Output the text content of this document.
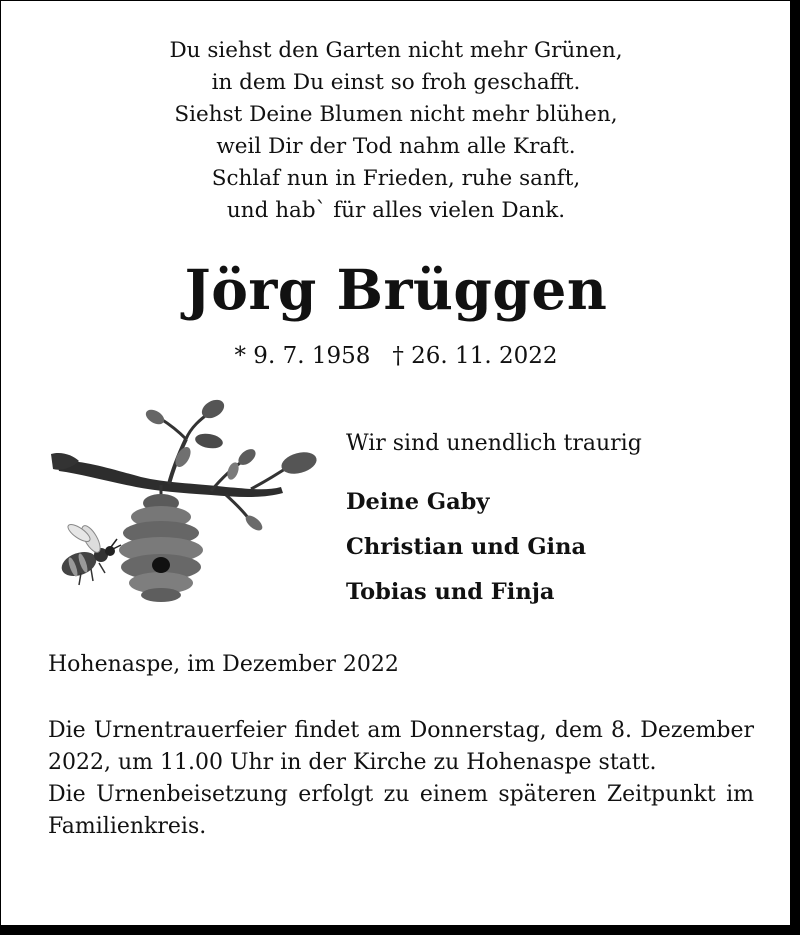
Du siehst den Garten nicht mehr Grünen,
in dem Du einst so froh geschafft.
Siehst Deine Blumen nicht mehr blühen,
weil Dir der Tod nahm alle Kraft.
Schlaf nun in Frieden, ruhe sanft,
und hab` für alles vielen Dank.
Jörg Brüggen
* 9. 7. 1958 † 26. 11. 2022
Wir sind unendlich traurig
Deine Gaby
Christian und Gina
Tobias und Finja
Hohenaspe, im Dezember 2022

Die Urnentrauerfeier findet am Donnerstag, dem 8. Dezember 2022, um 11.00 Uhr in der Kirche zu Hohenaspe statt.

Die Urnenbeisetzung erfolgt zu einem späteren Zeitpunkt im Familienkreis.
